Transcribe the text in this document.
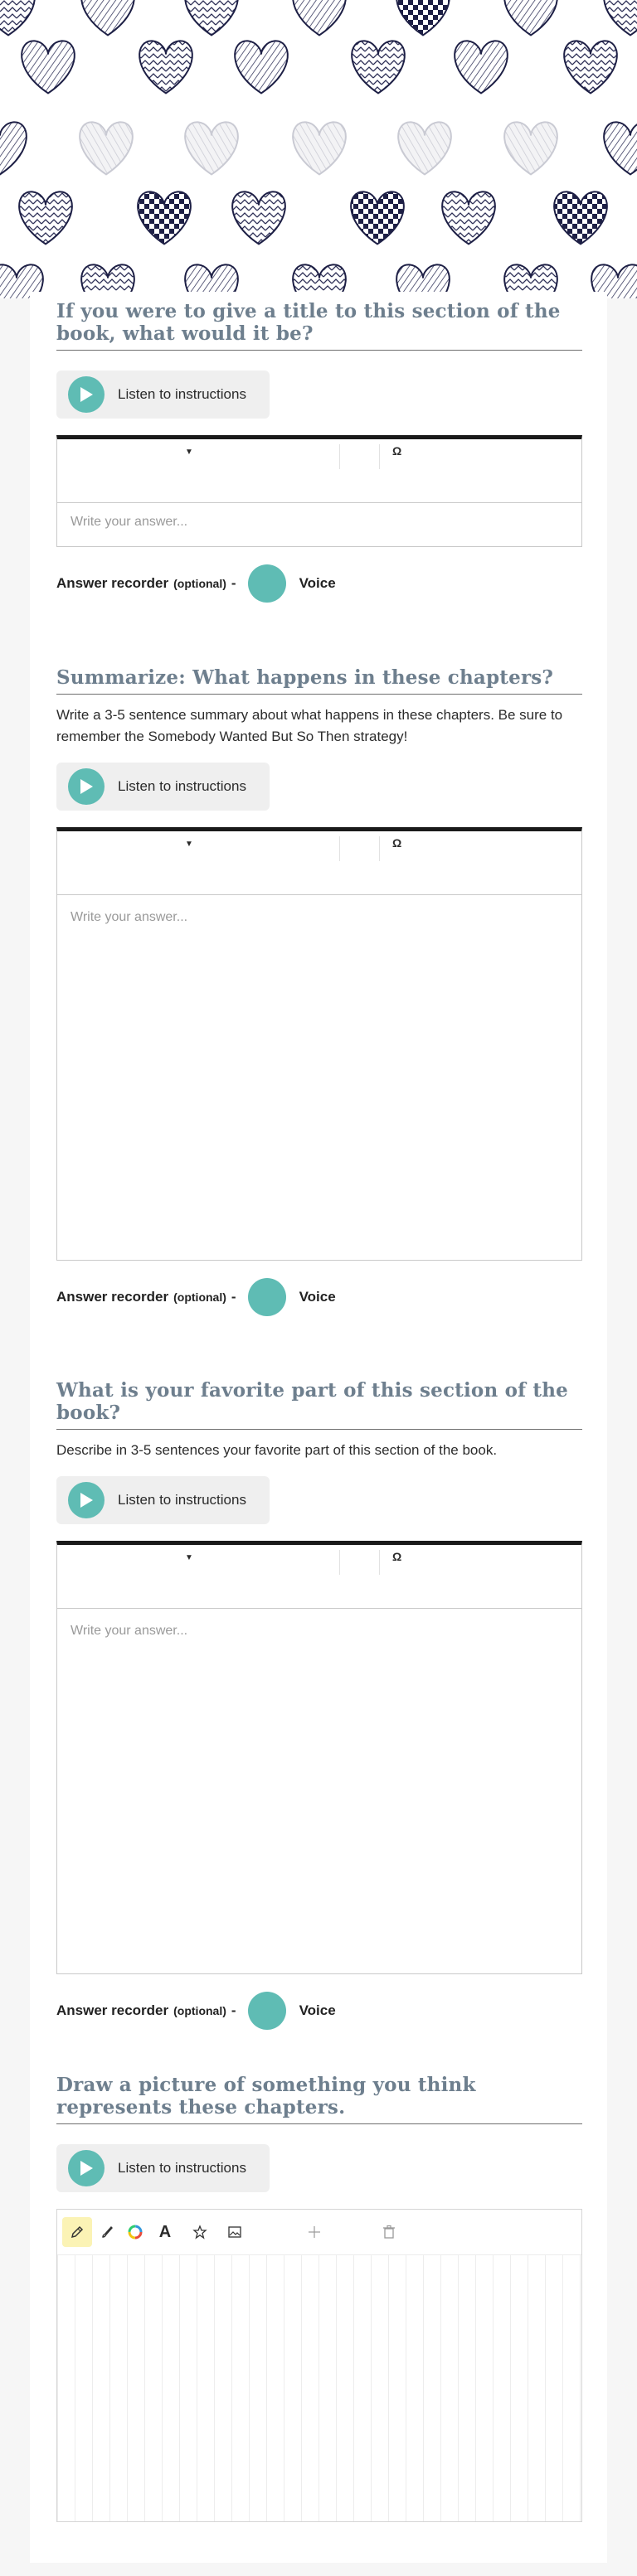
If you were to give a title to this section of the book, what would it be?
Listen to instructions
▼	Ω
Write your answer...
Answer recorder (optional) -	Voice
Summarize: What happens in these chapters?

Write a 3-5 sentence summary about what happens in these chapters. Be sure to remember the Somebody Wanted But So Then strategy!

Listen to instructions
▼	Ω
Write your answer...
Answer recorder (optional) -	Voice
What is your favorite part of this section of the book?

Describe in 3-5 sentences your favorite part of this section of the book.

Listen to instructions
▼	Ω
Write your answer...
Answer recorder (optional) -	Voice
Draw a picture of something you think represents these chapters.
Listen to instructions
A
